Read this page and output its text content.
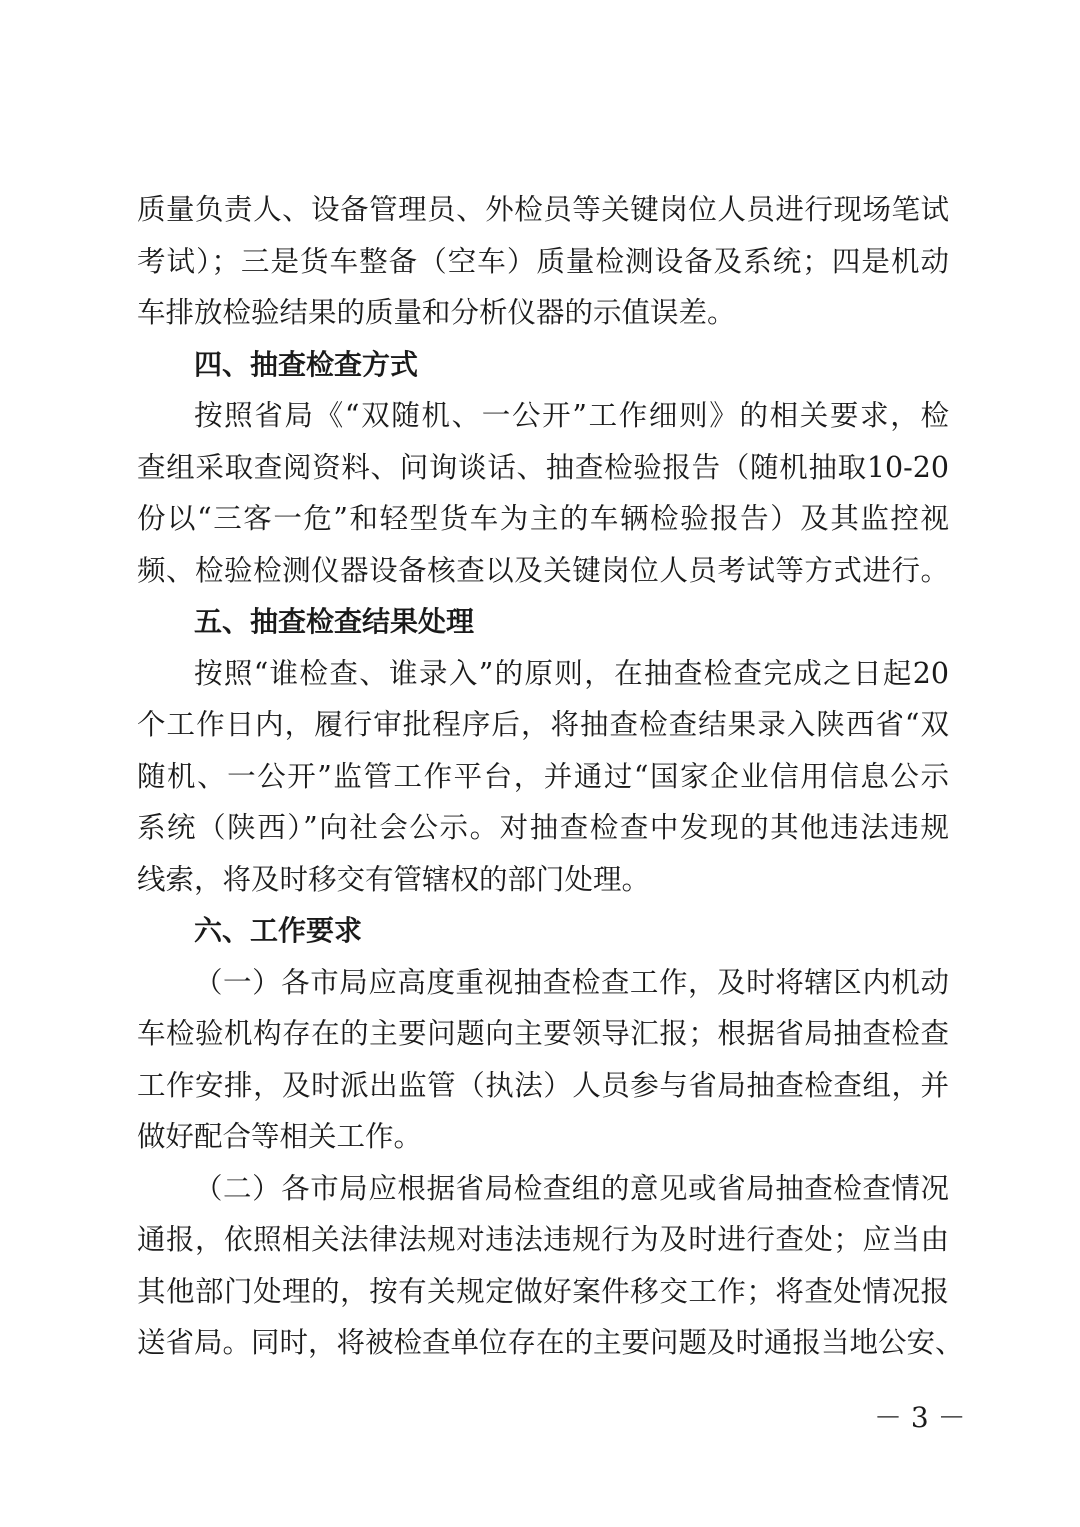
质量负责人、设备管理员、外检员等关键岗位人员进行现场笔试
考试）；三是货车整备（空车）质量检测设备及系统；四是机动
车排放检验结果的质量和分析仪器的示值误差。
四、抽查检查方式
按照省局《“双随机、一公开”工作细则》的相关要求，检
查组采取查阅资料、问询谈话、抽查检验报告（随机抽取10-20
份以“三客一危”和轻型货车为主的车辆检验报告）及其监控视
频、检验检测仪器设备核查以及关键岗位人员考试等方式进行。
五、抽查检查结果处理
按照“谁检查、谁录入”的原则，在抽查检查完成之日起20
个工作日内，履行审批程序后，将抽查检查结果录入陕西省“双
随机、一公开”监管工作平台，并通过“国家企业信用信息公示
系统（陕西）”向社会公示。对抽查检查中发现的其他违法违规
线索，将及时移交有管辖权的部门处理。
六、工作要求
（一）各市局应高度重视抽查检查工作，及时将辖区内机动
车检验机构存在的主要问题向主要领导汇报；根据省局抽查检查
工作安排，及时派出监管（执法）人员参与省局抽查检查组，并
做好配合等相关工作。
（二）各市局应根据省局检查组的意见或省局抽查检查情况
通报，依照相关法律法规对违法违规行为及时进行查处；应当由
其他部门处理的，按有关规定做好案件移交工作；将查处情况报
送省局。同时，将被检查单位存在的主要问题及时通报当地公安、
－ 3 －
